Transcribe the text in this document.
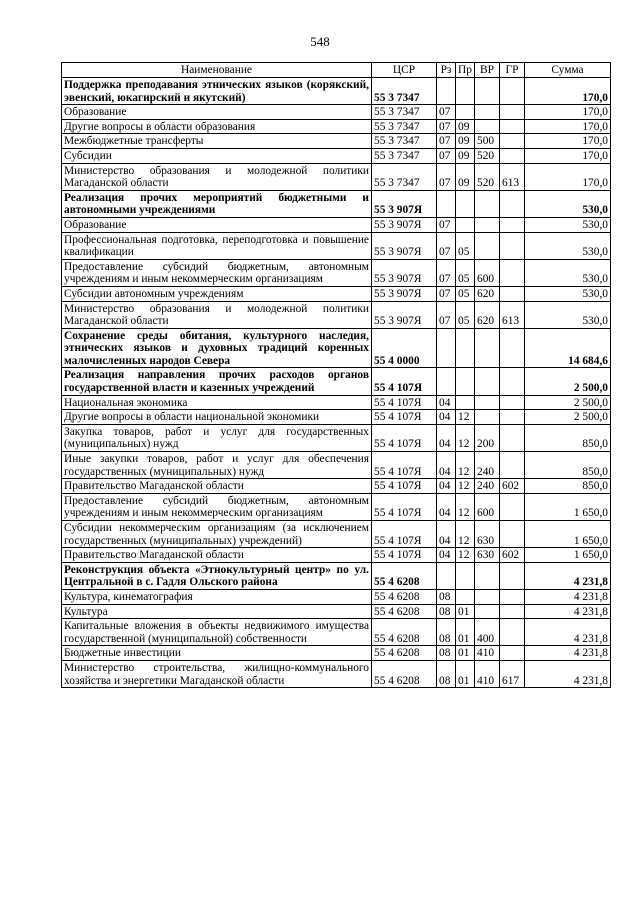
548
Наименование	ЦСР	Рз	Пр	ВР	ГР	Сумма
Поддержка преподавания этнических языков (корякский, эвенский, юкагирский и якутский)	55 3 7347					170,0
Образование	55 3 7347	07				170,0
Другие вопросы в области образования	55 3 7347	07	09			170,0
Межбюджетные трансферты	55 3 7347	07	09	500		170,0
Субсидии	55 3 7347	07	09	520		170,0
Министерство образования и молодежной политики Магаданской области	55 3 7347	07	09	520	613	170,0
Реализация прочих мероприятий бюджетными и автономными учреждениями	55 3 907Я					530,0
Образование	55 3 907Я	07				530,0
Профессиональная подготовка, переподготовка и повышение квалификации	55 3 907Я	07	05			530,0
Предоставление субсидий бюджетным, автономным учреждениям и иным некоммерческим организациям	55 3 907Я	07	05	600		530,0
Субсидии автономным учреждениям	55 3 907Я	07	05	620		530,0
Министерство образования и молодежной политики Магаданской области	55 3 907Я	07	05	620	613	530,0
Сохранение среды обитания, культурного наследия, этнических языков и духовных традиций коренных малочисленных народов Севера	55 4 0000					14 684,6
Реализация направления прочих расходов органов государственной власти и казенных учреждений	55 4 107Я					2 500,0
Национальная экономика	55 4 107Я	04				2 500,0
Другие вопросы в области национальной экономики	55 4 107Я	04	12			2 500,0
Закупка товаров, работ и услуг для государственных (муниципальных) нужд	55 4 107Я	04	12	200		850,0
Иные закупки товаров, работ и услуг для обеспечения государственных (муниципальных) нужд	55 4 107Я	04	12	240		850,0
Правительство Магаданской области	55 4 107Я	04	12	240	602	850,0
Предоставление субсидий бюджетным, автономным учреждениям и иным некоммерческим организациям	55 4 107Я	04	12	600		1 650,0
Субсидии некоммерческим организациям (за исключением государственных (муниципальных) учреждений)	55 4 107Я	04	12	630		1 650,0
Правительство Магаданской области	55 4 107Я	04	12	630	602	1 650,0
Реконструкция объекта «Этнокультурный центр» по ул. Центральной в с. Гадля Ольского района	55 4 6208					4 231,8
Культура, кинематография	55 4 6208	08				4 231,8
Культура	55 4 6208	08	01			4 231,8
Капитальные вложения в объекты недвижимого имущества государственной (муниципальной) собственности	55 4 6208	08	01	400		4 231,8
Бюджетные инвестиции	55 4 6208	08	01	410		4 231,8
Министерство строительства, жилищно-коммунального хозяйства и энергетики Магаданской области	55 4 6208	08	01	410	617	4 231,8
